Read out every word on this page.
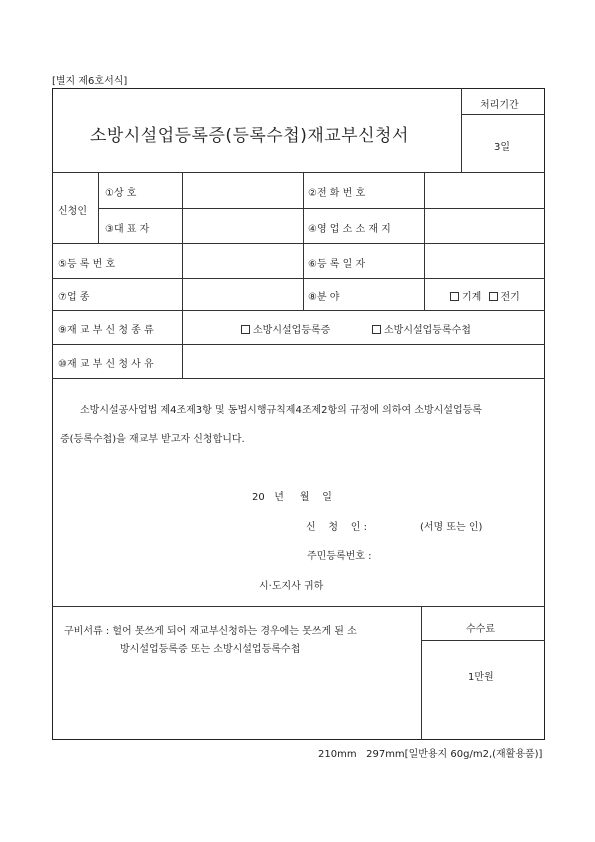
[별지 제6호서식]
소방시설업등록증(등록수첩)재교부신청서
처리기간
3일
신청인
①상 호	②전 화 번 호
③대 표 자	④영 업 소 소 재 지
⑤등 록 번 호	⑥등 록 일 자
⑦업 종	⑧분 야	기계 전기
⑨재 교 부 신 청 종 류	소방시설업등록증	소방시설업등록수첩
⑩재 교 부 신 청 사 유
소방시설공사업법 제4조제3항 및 동법시행규칙제4조제2항의 규정에 의하여 소방시설업등록
증(등록수첩)을 재교부 받고자 신청합니다.
20   년     월    일
신    청    인 :	(서명 또는 인)
주민등록번호 :
시·도지사 귀하
구비서류 : 헐어 못쓰게 되어 재교부신청하는 경우에는 못쓰게 된 소
방시설업등록증 또는 소방시설업등록수첩
수수료
1만원
210mm   297mm[일반용지 60g/m2,(재활용품)]
